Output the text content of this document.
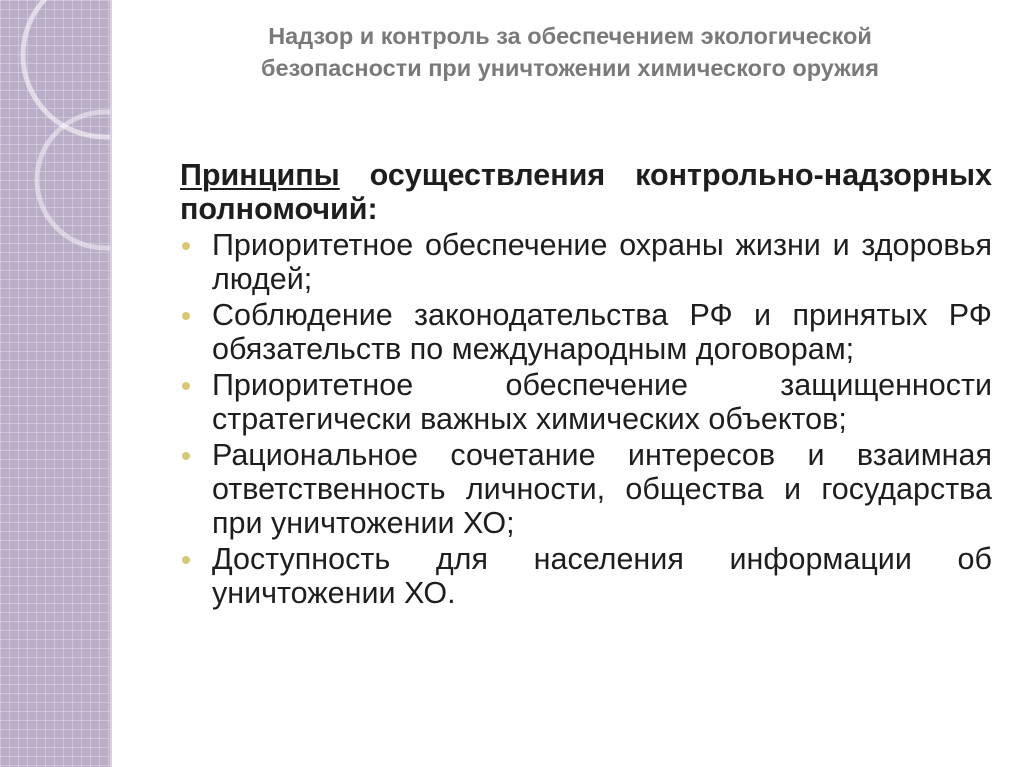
Надзор и контроль за обеспечением экологической
безопасности при уничтожении химического оружия

Принципы осуществления контрольно-надзорных полномочий:

Приоритетное обеспечение охраны жизни и здоровья людей;
Соблюдение законодательства РФ и принятых РФ обязательств по международным договорам;
Приоритетное обеспечение защищенности стратегически важных химических объектов;
Рациональное сочетание интересов и взаимная ответственность личности, общества и государства при уничтожении ХО;
Доступность для населения информации об уничтожении ХО.
